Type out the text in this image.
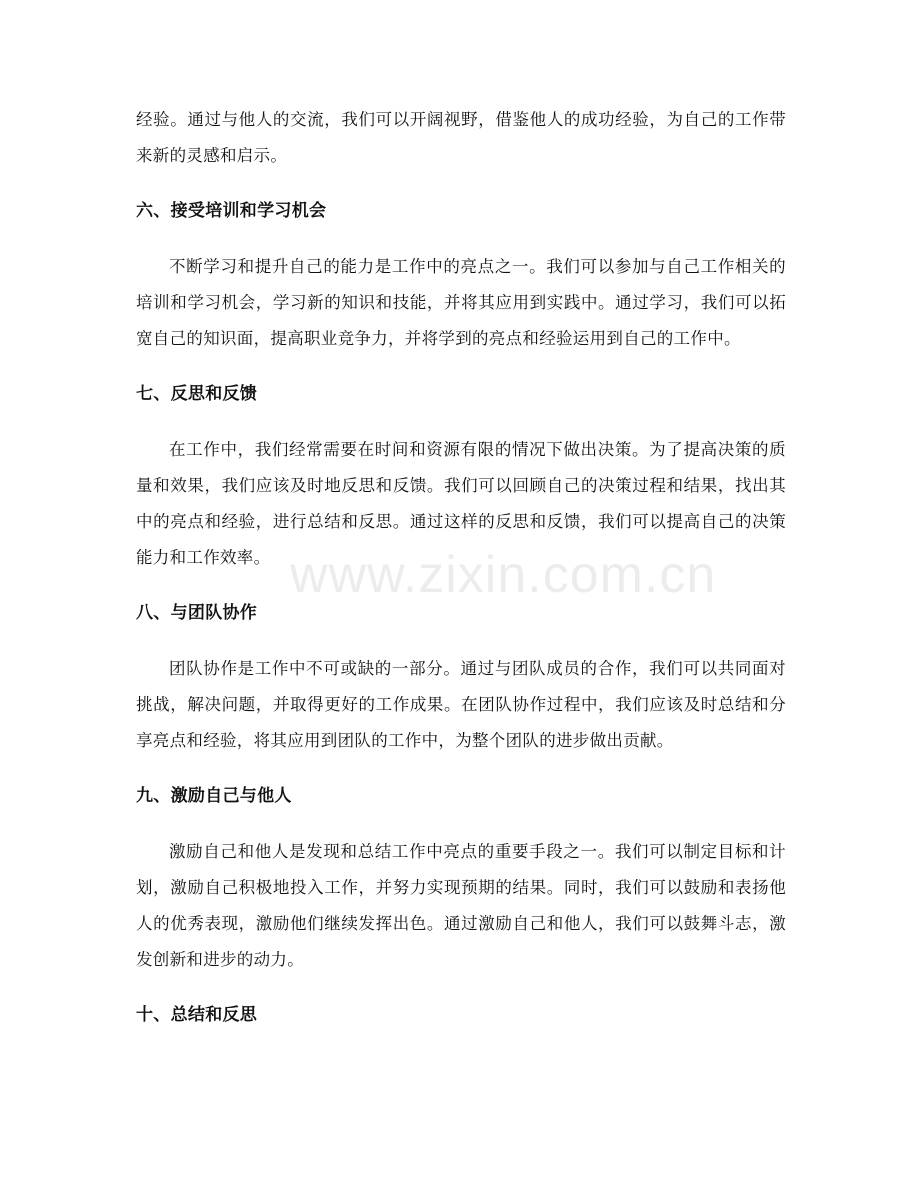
经验。通过与他人的交流，我们可以开阔视野，借鉴他人的成功经验，为自己的工作带来新的灵感和启示。

六、接受培训和学习机会

不断学习和提升自己的能力是工作中的亮点之一。我们可以参加与自己工作相关的培训和学习机会，学习新的知识和技能，并将其应用到实践中。通过学习，我们可以拓宽自己的知识面，提高职业竞争力，并将学到的亮点和经验运用到自己的工作中。

七、反思和反馈

在工作中，我们经常需要在时间和资源有限的情况下做出决策。为了提高决策的质量和效果，我们应该及时地反思和反馈。我们可以回顾自己的决策过程和结果，找出其中的亮点和经验，进行总结和反思。通过这样的反思和反馈，我们可以提高自己的决策能力和工作效率。

八、与团队协作

团队协作是工作中不可或缺的一部分。通过与团队成员的合作，我们可以共同面对挑战，解决问题，并取得更好的工作成果。在团队协作过程中，我们应该及时总结和分享亮点和经验，将其应用到团队的工作中，为整个团队的进步做出贡献。

九、激励自己与他人

激励自己和他人是发现和总结工作中亮点的重要手段之一。我们可以制定目标和计划，激励自己积极地投入工作，并努力实现预期的结果。同时，我们可以鼓励和表扬他人的优秀表现，激励他们继续发挥出色。通过激励自己和他人，我们可以鼓舞斗志，激发创新和进步的动力。

十、总结和反思
www.zixin.com.cn
